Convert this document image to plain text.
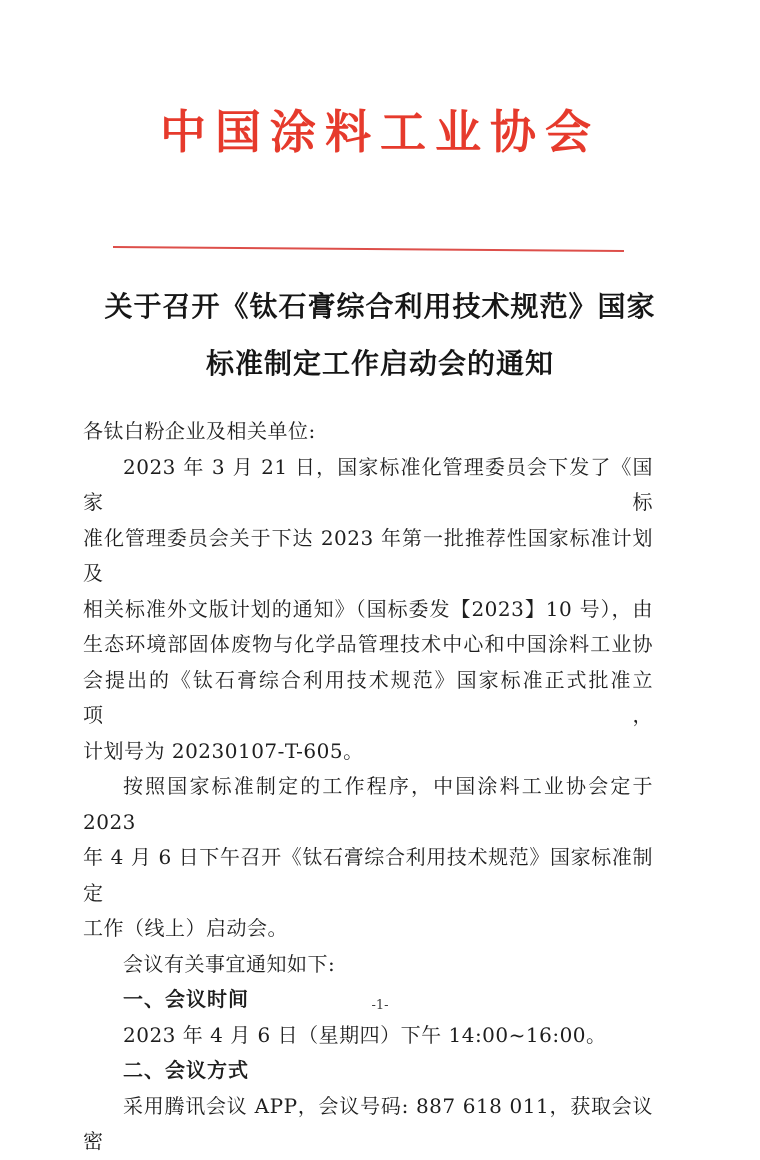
中国涂料工业协会
关于召开《钛石膏综合利用技术规范》国家
标准制定工作启动会的通知
各钛白粉企业及相关单位:
2023 年 3 月 21 日，国家标准化管理委员会下发了《国家标
准化管理委员会关于下达 2023 年第一批推荐性国家标准计划及
相关标准外文版计划的通知》（国标委发【2023】10 号），由
生态环境部固体废物与化学品管理技术中心和中国涂料工业协
会提出的《钛石膏综合利用技术规范》国家标准正式批准立项，
计划号为 20230107-T-605。
按照国家标准制定的工作程序，中国涂料工业协会定于 2023
年 4 月 6 日下午召开《钛石膏综合利用技术规范》国家标准制定
工作（线上）启动会。
会议有关事宜通知如下:
一、会议时间
2023 年 4 月 6 日（星期四）下午 14:00~16:00。
二、会议方式
采用腾讯会议 APP，会议号码: 887 618 011，获取会议密
-1-
